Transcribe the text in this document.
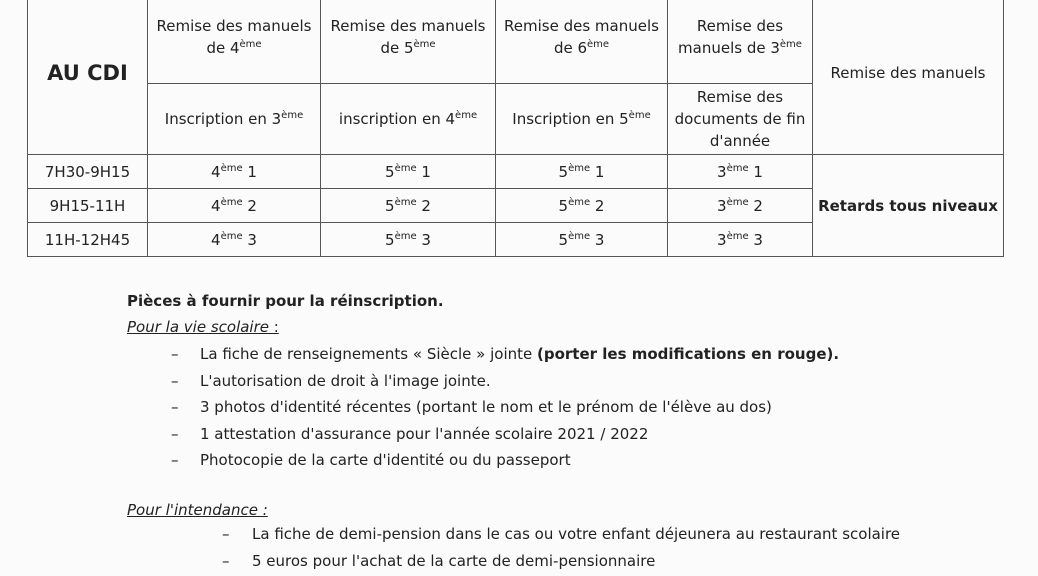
AU CDI	Remise des manuels de 4ème	Remise des manuels de 5ème	Remise des manuels de 6ème	Remise des manuels de 3ème	Remise des manuels
	Inscription en 3ème	inscription en 4ème	Inscription en 5ème	Remise des documents de fin d'année	
7H30-9H15	4ème 1	5ème 1	5ème 1	3ème 1	Retards tous niveaux
9H15-11H	4ème 2	5ème 2	5ème 2	3ème 2	
11H-12H45	4ème 3	5ème 3	5ème 3	3ème 3	

Pièces à fournir pour la réinscription.

Pour la vie scolaire :

– La fiche de renseignements « Siècle » jointe (porter les modifications en rouge).
– L'autorisation de droit à l'image jointe.
– 3 photos d'identité récentes (portant le nom et le prénom de l'élève au dos)
– 1 attestation d'assurance pour l'année scolaire 2021 / 2022
– Photocopie de la carte d'identité ou du passeport

Pour l'intendance :

– La fiche de demi-pension dans le cas ou votre enfant déjeunera au restaurant scolaire
– 5 euros pour l'achat de la carte de demi-pensionnaire
